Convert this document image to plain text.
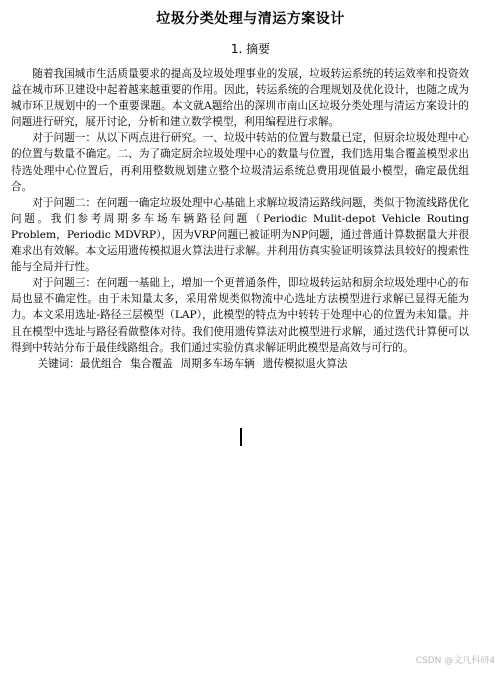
垃圾分类处理与清运方案设计
1. 摘要

随着我国城市生活质量要求的提高及垃圾处理事业的发展，垃圾转运系统的转运效率和投资效益在城市环卫建设中起着越来越重要的作用。因此，转运系统的合理规划及优化设计，也随之成为城市环卫规划中的一个重要课题。本文就A题给出的深圳市南山区垃圾分类处理与清运方案设计的问题进行研究，展开讨论，分析和建立数学模型，利用编程进行求解。

对于问题一：从以下两点进行研究。一、垃圾中转站的位置与数量已定，但厨余垃圾处理中心的位置与数量不确定。二、为了确定厨余垃圾处理中心的数量与位置，我们选用集合覆盖模型求出待选处理中心位置后，再利用整数规划建立整个垃圾清运系统总费用现值最小模型，确定最优组合。

对于问题二：在问题一确定垃圾处理中心基础上求解垃圾清运路线问题，类似于物流线路优化问题。我们参考周期多车场车辆路径问题（Periodic Mulit-depot Vehicle Routing Problem，Periodic MDVRP），因为VRP问题已被证明为NP问题，通过普通计算数据量大并很难求出有效解。本文运用遗传模拟退火算法进行求解。并利用仿真实验证明该算法具较好的搜索性能与全局并行性。

对于问题三：在问题一基础上，增加一个更普通条件，即垃圾转运站和厨余垃圾处理中心的布局也显不确定性。由于未知量太多，采用常规类似物流中心选址方法模型进行求解已显得无能为力。本文采用选址-路径三层模型（LAP），此模型的特点为中转转于处理中心的位置为未知量。并且在模型中选址与路径看做整体对待。我们使用遗传算法对此模型进行求解，通过迭代计算便可以得到中转站分布于最佳线路组合。我们通过实验仿真求解证明此模型是高效与可行的。

关键词：最优组合 集合覆盖 周期多车场车辆 遗传模拟退火算法
CSDN @文凡科研4
